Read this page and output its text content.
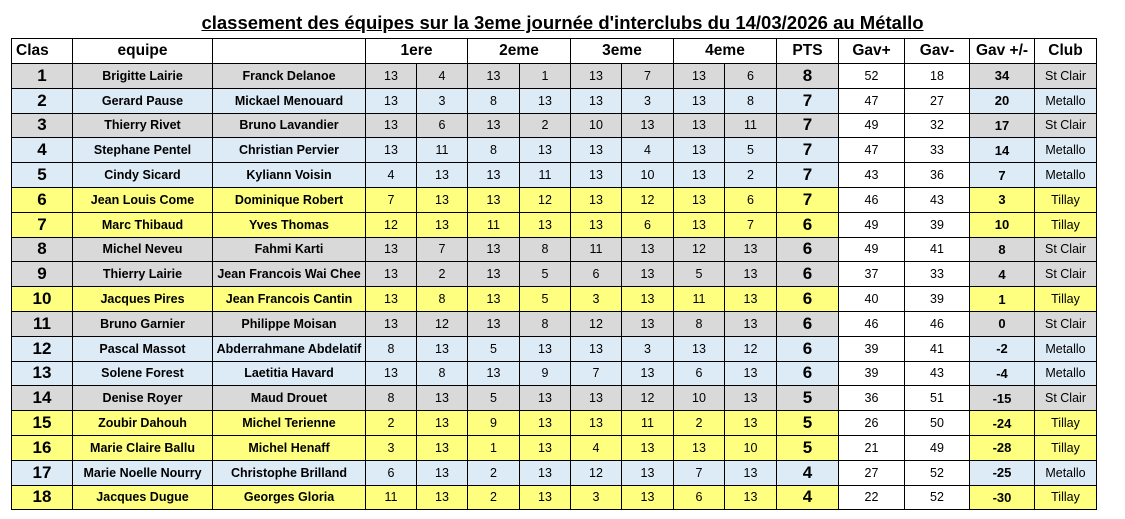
classement des équipes sur la 3eme journée d'interclubs du 14/03/2026 au Métallo
Clas	equipe		1ere		2eme		3eme		4eme		PTS	Gav+	Gav-	Gav +/-	Club
1	Brigitte Lairie	Franck Delanoe	13	4	13	1	13	7	13	6	8	52	18	34	St Clair
2	Gerard Pause	Mickael Menouard	13	3	8	13	13	3	13	8	7	47	27	20	Metallo
3	Thierry Rivet	Bruno Lavandier	13	6	13	2	10	13	13	11	7	49	32	17	St Clair
4	Stephane Pentel	Christian Pervier	13	11	8	13	13	4	13	5	7	47	33	14	Metallo
5	Cindy Sicard	Kyliann Voisin	4	13	13	11	13	10	13	2	7	43	36	7	Metallo
6	Jean Louis Come	Dominique Robert	7	13	13	12	13	12	13	6	7	46	43	3	Tillay
7	Marc Thibaud	Yves Thomas	12	13	11	13	13	6	13	7	6	49	39	10	Tillay
8	Michel Neveu	Fahmi Karti	13	7	13	8	11	13	12	13	6	49	41	8	St Clair
9	Thierry Lairie	Jean Francois Wai Chee	13	2	13	5	6	13	5	13	6	37	33	4	St Clair
10	Jacques Pires	Jean Francois Cantin	13	8	13	5	3	13	11	13	6	40	39	1	Tillay
11	Bruno Garnier	Philippe Moisan	13	12	13	8	12	13	8	13	6	46	46	0	St Clair
12	Pascal Massot	Abderrahmane Abdelatif	8	13	5	13	13	3	13	12	6	39	41	-2	Metallo
13	Solene Forest	Laetitia Havard	13	8	13	9	7	13	6	13	6	39	43	-4	Metallo
14	Denise Royer	Maud Drouet	8	13	5	13	13	12	10	13	5	36	51	-15	St Clair
15	Zoubir Dahouh	Michel Terienne	2	13	9	13	13	11	2	13	5	26	50	-24	Tillay
16	Marie Claire Ballu	Michel Henaff	3	13	1	13	4	13	13	10	5	21	49	-28	Tillay
17	Marie Noelle Nourry	Christophe Brilland	6	13	2	13	12	13	7	13	4	27	52	-25	Metallo
18	Jacques Dugue	Georges Gloria	11	13	2	13	3	13	6	13	4	22	52	-30	Tillay
